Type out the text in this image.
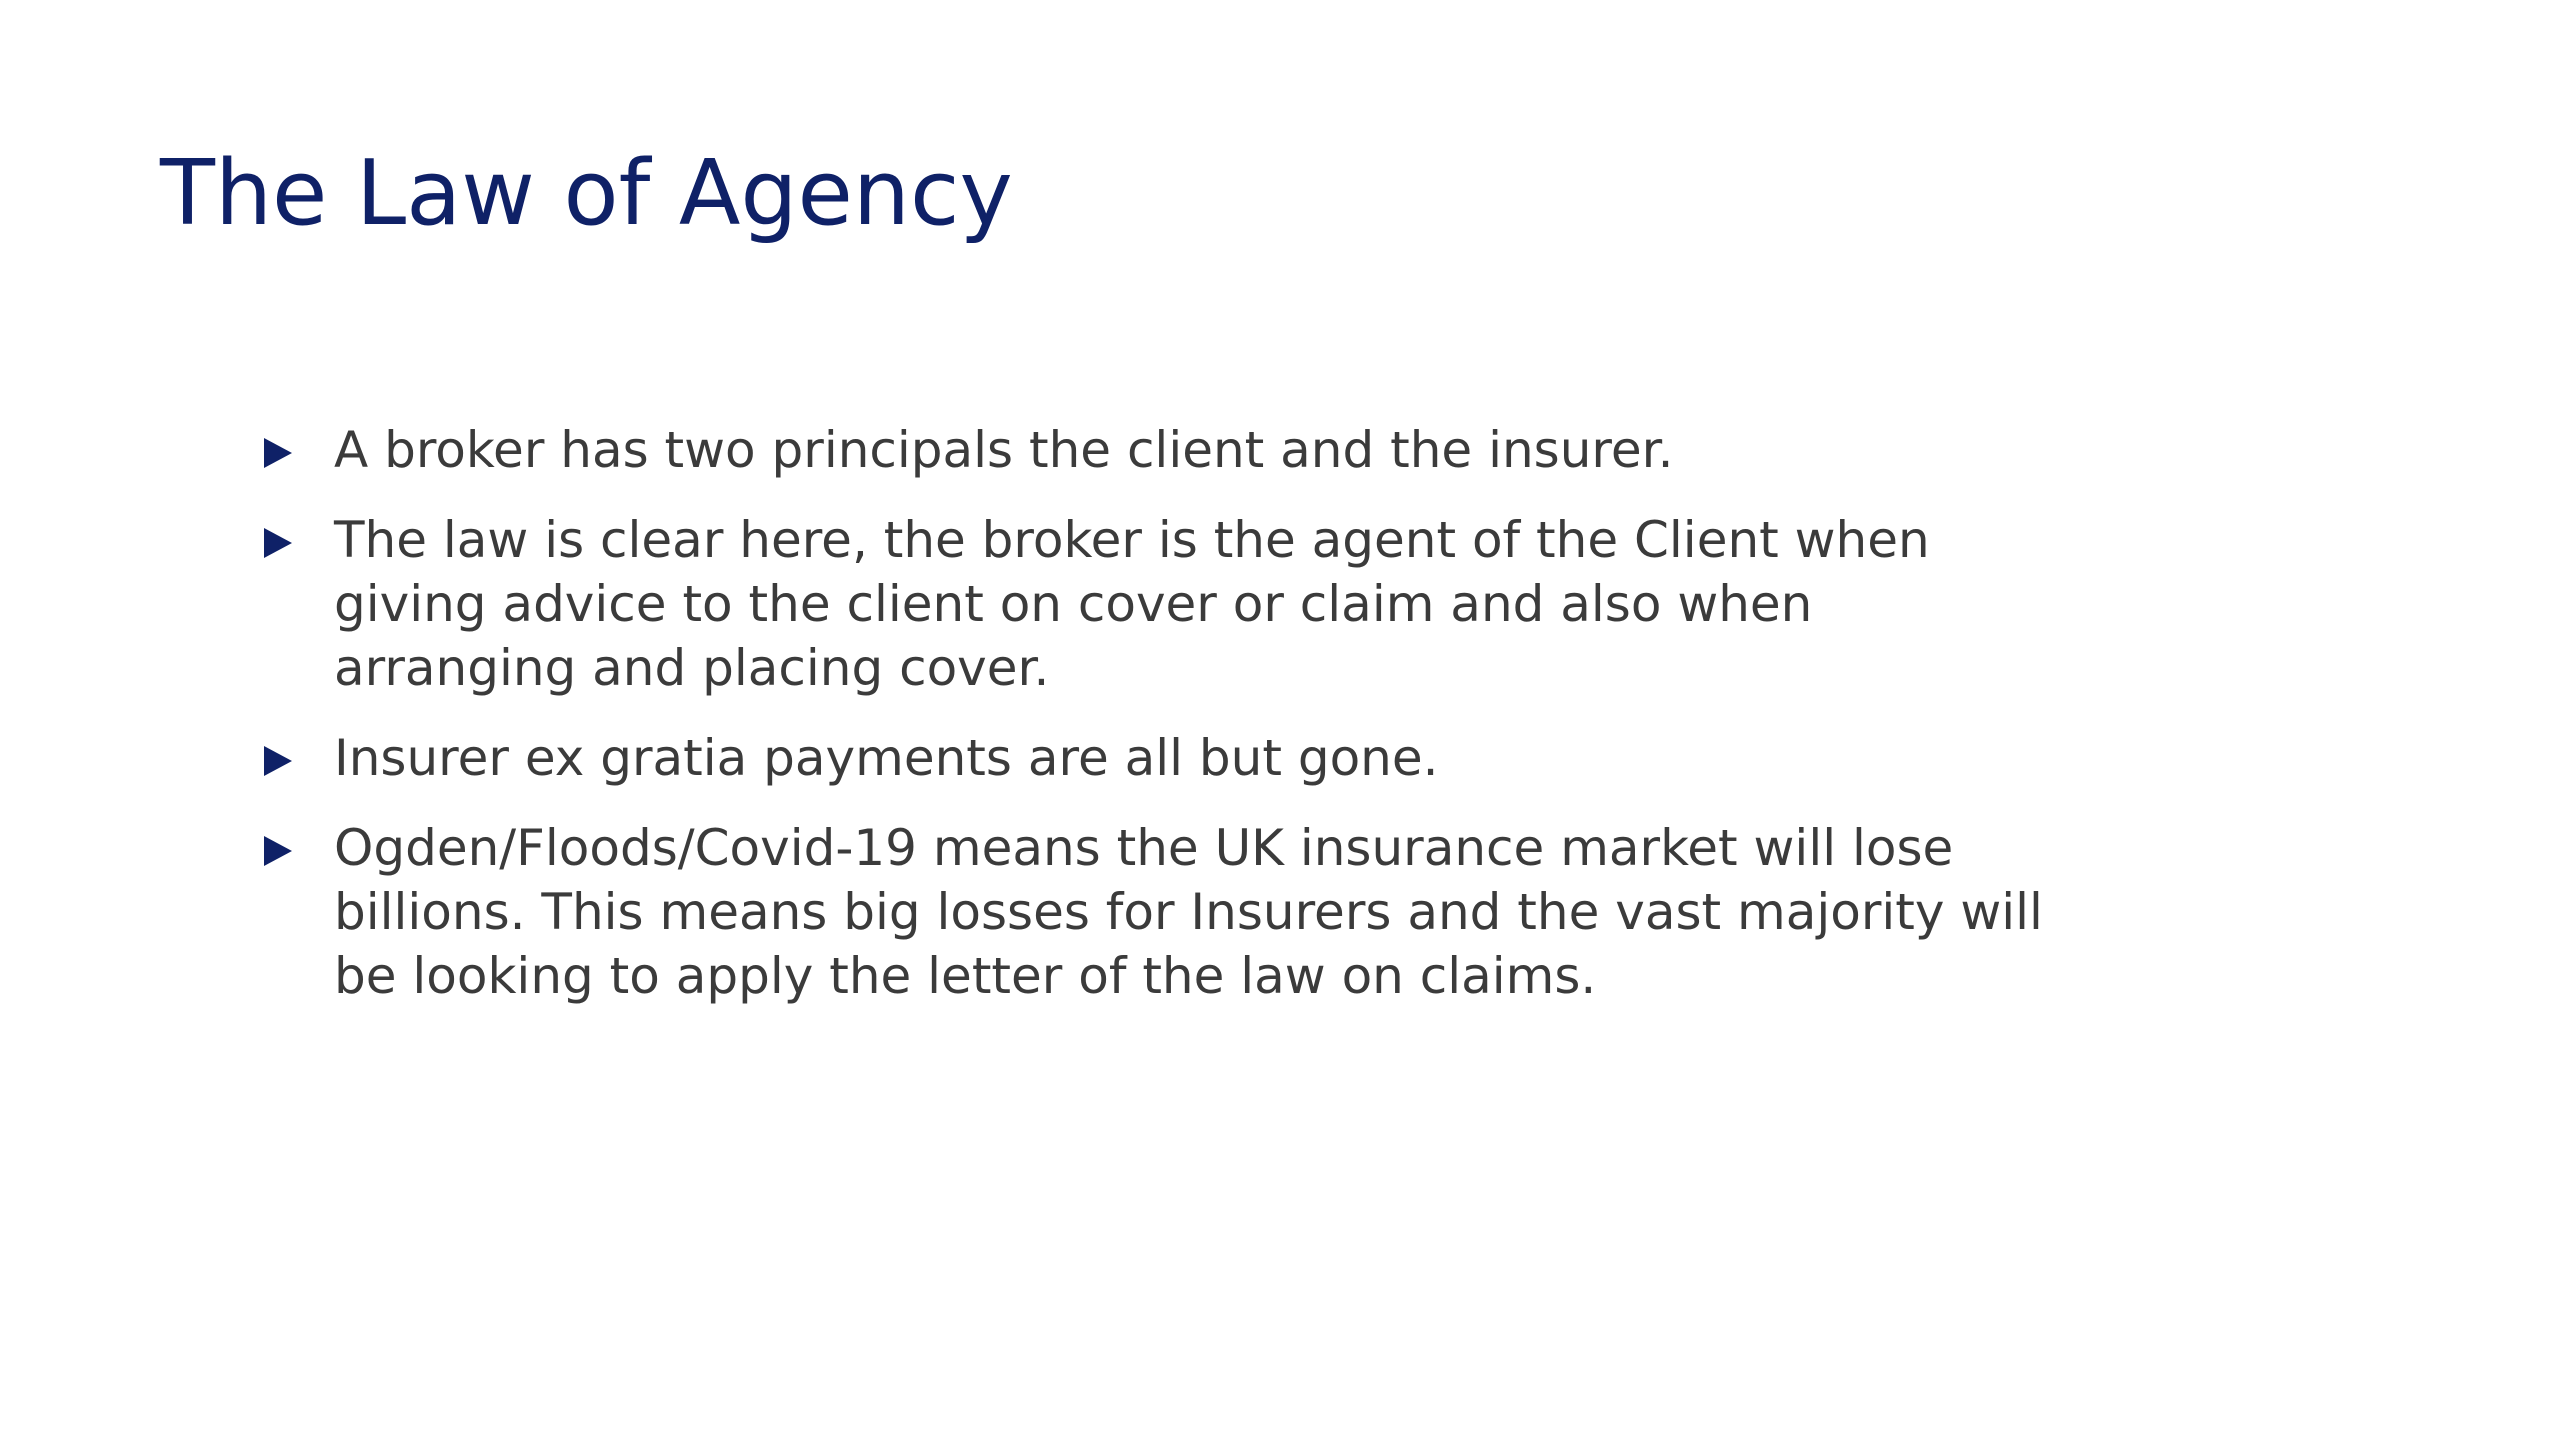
The Law of Agency
A broker has two principals the client and the insurer.
The law is clear here, the broker is the agent of the Client when giving advice to the client on cover or claim and also when arranging and placing cover.
Insurer ex gratia payments are all but gone.
Ogden/Floods/Covid-19 means the UK insurance market will lose billions. This means big losses for Insurers and the vast majority will be looking to apply the letter of the law on claims.
